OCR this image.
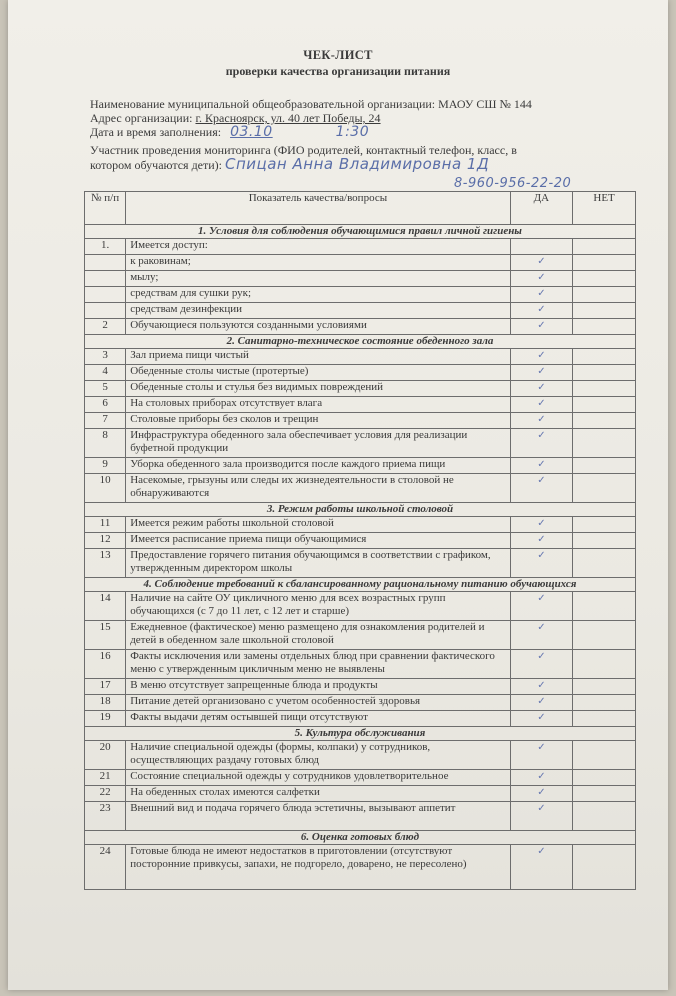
ЧЕК-ЛИСТ
проверки качества организации питания
Наименование муниципальной общеобразовательной организации: МАОУ СШ № 144
Адрес организации: г. Красноярск, ул. 40 лет Победы, 24
Дата и время заполнения: 03.10	1:30
Участник проведения мониторинга (ФИО родителей, контактный телефон, класс, в
котором обучаются дети): Спицан Анна Владимировна 1Д
8-960-956-22-20
№ п/п	Показатель качества/вопросы	ДА	НЕТ
1. Условия для соблюдения обучающимися правил личной гигиены			
1.	Имеется доступ:		
	к раковинам;	✓	
	мылу;	✓	
	средствам для сушки рук;	✓	
	средствам дезинфекции	✓	
2	Обучающиеся пользуются созданными условиями	✓	
2. Санитарно-техническое состояние обеденного зала			
3	Зал приема пищи чистый	✓	
4	Обеденные столы чистые (протертые)	✓	
5	Обеденные столы и стулья без видимых повреждений	✓	
6	На столовых приборах отсутствует влага	✓	
7	Столовые приборы без сколов и трещин	✓	
8	Инфраструктура обеденного зала обеспечивает условия для реализации буфетной продукции	✓	
9	Уборка обеденного зала производится после каждого приема пищи	✓	
10	Насекомые, грызуны или следы их жизнедеятельности в столовой не обнаруживаются	✓	
3. Режим работы школьной столовой			
11	Имеется режим работы школьной столовой	✓	
12	Имеется расписание приема пищи обучающимися	✓	
13	Предоставление горячего питания обучающимся в соответствии с графиком, утвержденным директором школы	✓	
4. Соблюдение требований к сбалансированному рациональному питанию обучающихся			
14	Наличие на сайте ОУ цикличного меню для всех возрастных групп обучающихся (с 7 до 11 лет, с 12 лет и старше)	✓	
15	Ежедневное (фактическое) меню размещено для ознакомления родителей и детей в обеденном зале школьной столовой	✓	
16	Факты исключения или замены отдельных блюд при сравнении фактического меню с утвержденным цикличным меню не выявлены	✓	
17	В меню отсутствует запрещенные блюда и продукты	✓	
18	Питание детей организовано с учетом особенностей здоровья	✓	
19	Факты выдачи детям остывшей пищи отсутствуют	✓	
5. Культура обслуживания			
20	Наличие специальной одежды (формы, колпаки) у сотрудников, осуществляющих раздачу готовых блюд	✓	
21	Состояние специальной одежды у сотрудников удовлетворительное	✓	
22	На обеденных столах имеются салфетки	✓	
23	Внешний вид и подача горячего блюда эстетичны, вызывают аппетит	✓	
6. Оценка готовых блюд			
24	Готовые блюда не имеют недостатков в приготовлении (отсутствуют посторонние привкусы, запахи, не подгорело, доварено, не пересолено)	✓	
